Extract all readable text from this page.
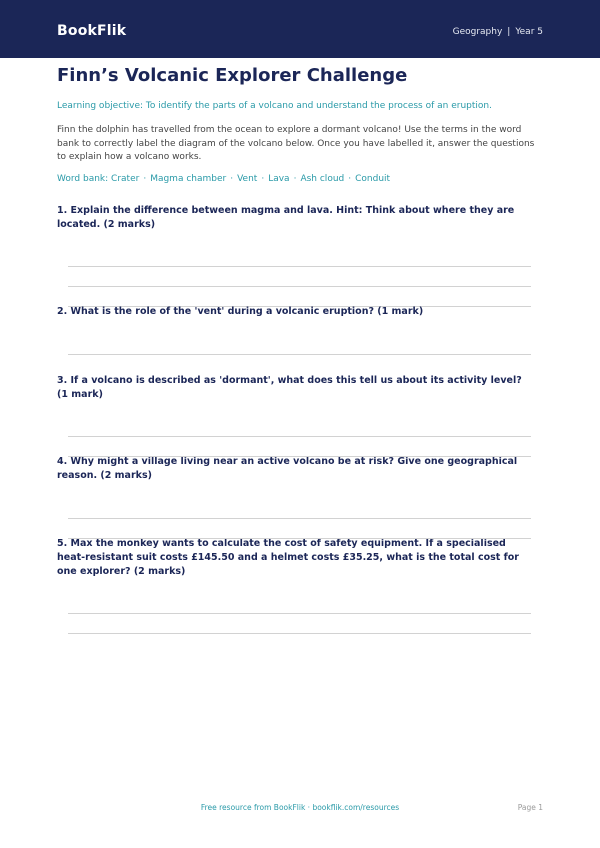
BookFlik	Geography | Year 5
Finn’s Volcanic Explorer Challenge
Learning objective: To identify the parts of a volcano and understand the process of an eruption.
Finn the dolphin has travelled from the ocean to explore a dormant volcano! Use the terms in the word bank to correctly label the diagram of the volcano below. Once you have labelled it, answer the questions to explain how a volcano works.
Word bank: Crater · Magma chamber · Vent · Lava · Ash cloud · Conduit
1. Explain the difference between magma and lava. Hint: Think about where they are located. (2 marks)
2. What is the role of the 'vent' during a volcanic eruption? (1 mark)
3. If a volcano is described as 'dormant', what does this tell us about its activity level? (1 mark)
4. Why might a village living near an active volcano be at risk? Give one geographical reason. (2 marks)
5. Max the monkey wants to calculate the cost of safety equipment. If a specialised heat-resistant suit costs £145.50 and a helmet costs £35.25, what is the total cost for one explorer? (2 marks)
Free resource from BookFlik · bookflik.com/resources	Page 1
